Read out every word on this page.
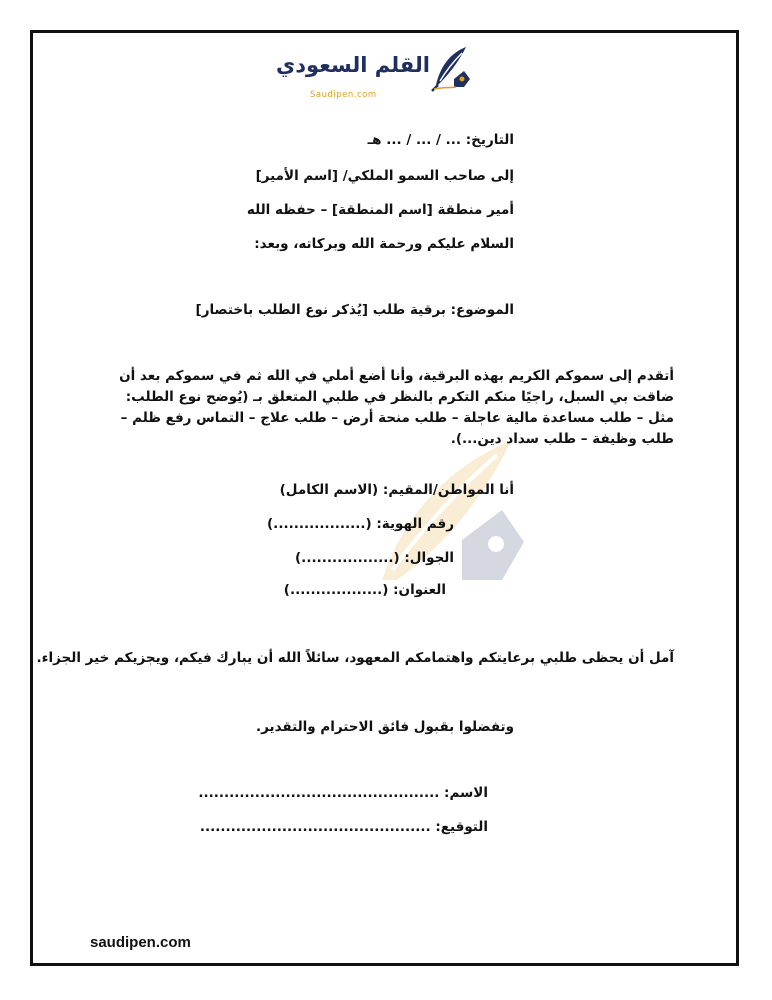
القلم السعودي
Saudipen.com
التاريخ: ... / ... / ... هـ
إلى صاحب السمو الملكي/ [اسم الأمير]
أمير منطقة [اسم المنطقة] – حفظه الله
السلام عليكم ورحمة الله وبركاته، وبعد:
الموضوع: برقية طلب [يُذكر نوع الطلب باختصار]
أتقدم إلى سموكم الكريم بهذه البرقية، وأنا أضع أملي في الله ثم في سموكم بعد أن ضاقت بي السبل، راجيًا منكم التكرم بالنظر في طلبي المتعلق بـ (يُوضح نوع الطلب: مثل – طلب مساعدة مالية عاجلة – طلب منحة أرض – طلب علاج – التماس رفع ظلم – طلب وظيفة – طلب سداد دين...).
أنا المواطن/المقيم: (الاسم الكامل)
رقم الهوية: (..................)
الجوال: (..................)
العنوان: (..................)
آمل أن يحظى طلبي برعايتكم واهتمامكم المعهود، سائلاً الله أن يبارك فيكم، ويجزيكم خير الجزاء.
وتفضلوا بقبول فائق الاحترام والتقدير.
الاسم: ...............................................
التوقيع: .............................................
saudipen.com
